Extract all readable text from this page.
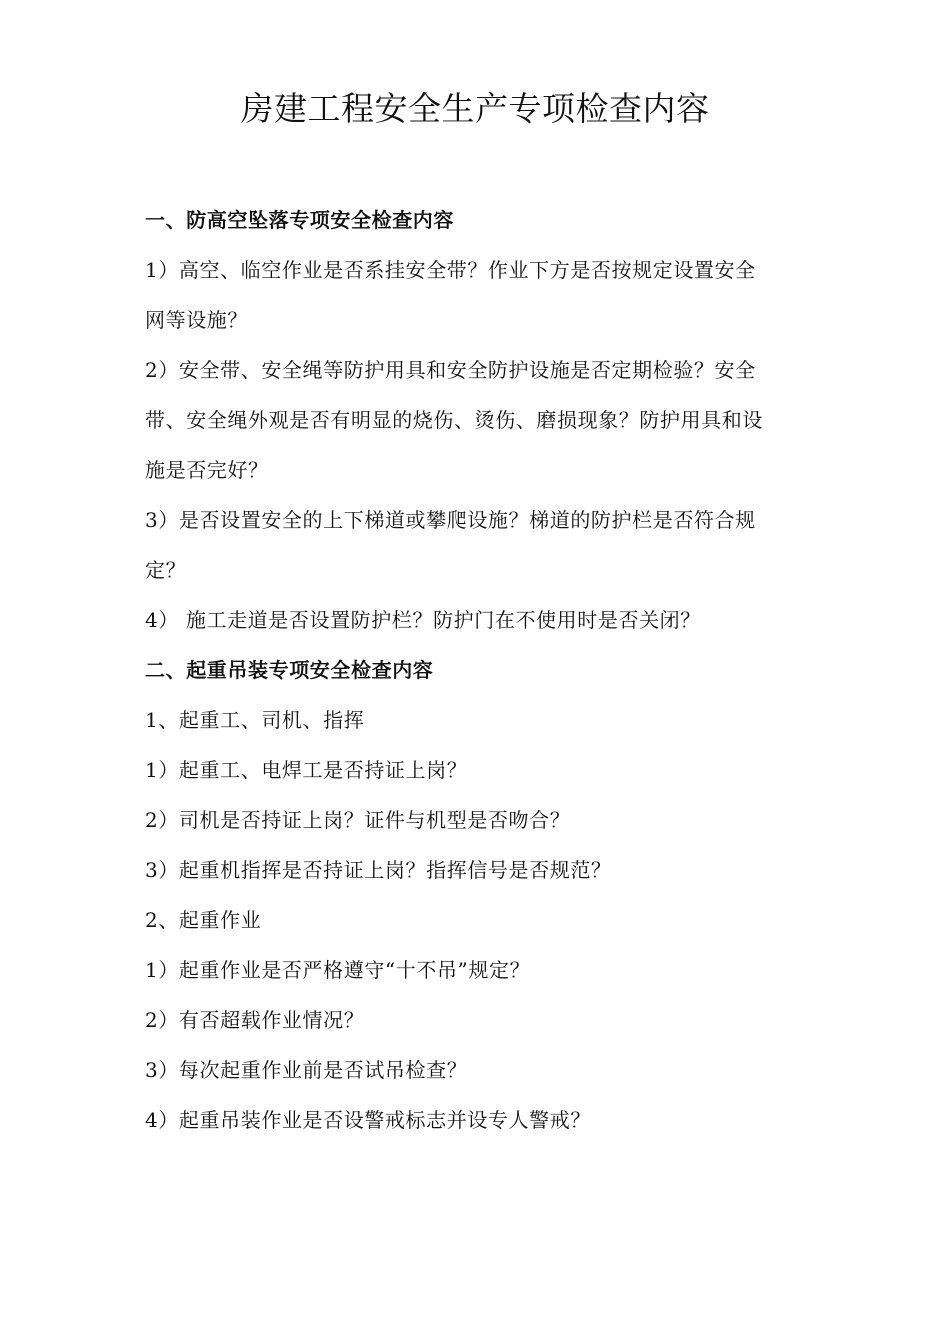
房建工程安全生产专项检查内容
一、防高空坠落专项安全检查内容
1）高空、临空作业是否系挂安全带？作业下方是否按规定设置安全
网等设施？
2）安全带、安全绳等防护用具和安全防护设施是否定期检验？安全
带、安全绳外观是否有明显的烧伤、烫伤、磨损现象？防护用具和设
施是否完好？
3）是否设置安全的上下梯道或攀爬设施？梯道的防护栏是否符合规
定？
4） 施工走道是否设置防护栏？防护门在不使用时是否关闭？
二、起重吊装专项安全检查内容
1、起重工、司机、指挥
1）起重工、电焊工是否持证上岗？
2）司机是否持证上岗？证件与机型是否吻合？
3）起重机指挥是否持证上岗？指挥信号是否规范？
2、起重作业
1）起重作业是否严格遵守“十不吊”规定？
2）有否超载作业情况？
3）每次起重作业前是否试吊检查？
4）起重吊装作业是否设警戒标志并设专人警戒？
